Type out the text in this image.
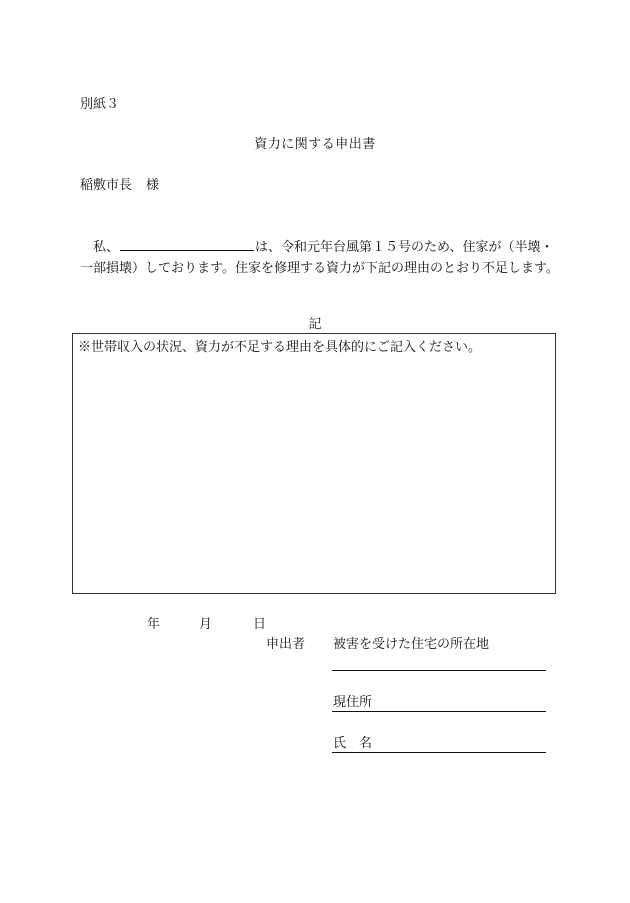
別紙３
資力に関する申出書
稲敷市長 様
私、	は、令和元年台風第１５号のため、住家が（半壊・一部損壊）しております。住家を修理する資力が下記の理由のとおり不足します。
記
※世帯収入の状況、資力が不足する理由を具体的にご記入ください。
年	月	日
申出者 被害を受けた住宅の所在地
現住所
氏　名
